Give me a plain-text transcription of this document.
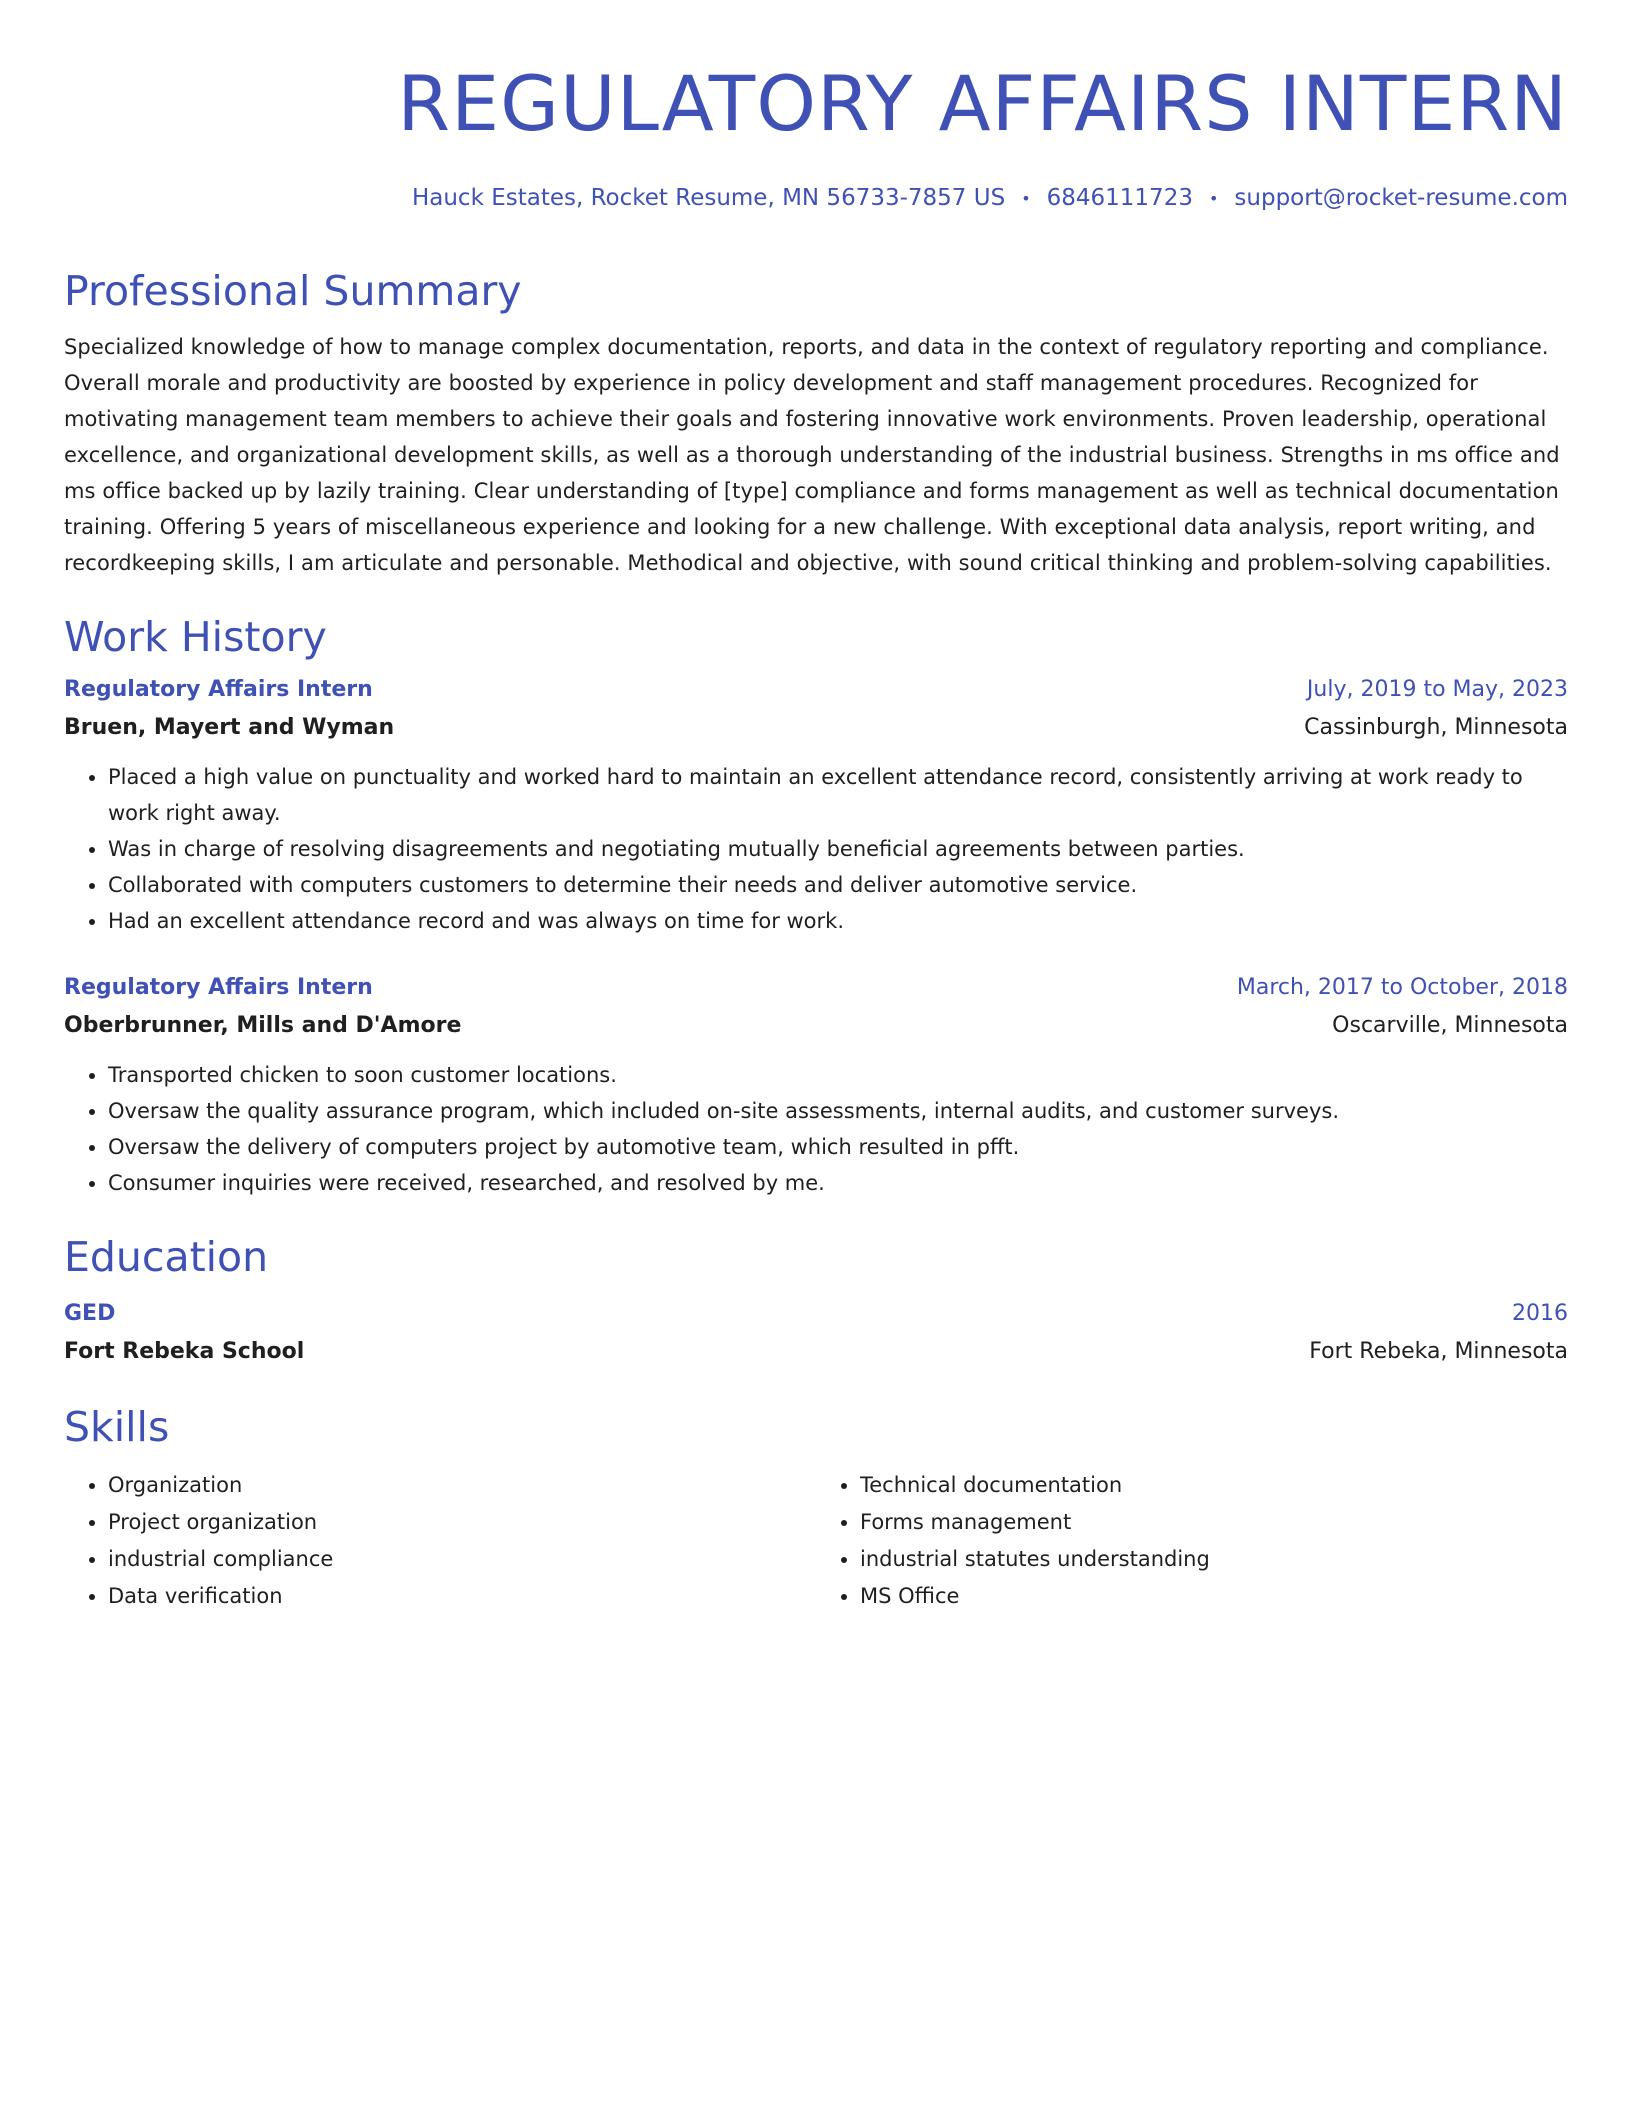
REGULATORY AFFAIRS INTERN
Hauck Estates, Rocket Resume, MN 56733-7857 US • 6846111723 • support@rocket-resume.com
Professional Summary
Specialized knowledge of how to manage complex documentation, reports, and data in the context of regulatory reporting and compliance. Overall morale and productivity are boosted by experience in policy development and staff management procedures. Recognized for motivating management team members to achieve their goals and fostering innovative work environments. Proven leadership, operational excellence, and organizational development skills, as well as a thorough understanding of the industrial business. Strengths in ms office and ms office backed up by lazily training. Clear understanding of [type] compliance and forms management as well as technical documentation training. Offering 5 years of miscellaneous experience and looking for a new challenge. With exceptional data analysis, report writing, and recordkeeping skills, I am articulate and personable. Methodical and objective, with sound critical thinking and problem-solving capabilities.
Work History
Regulatory Affairs Intern	July, 2019 to May, 2023
Bruen, Mayert and Wyman	Cassinburgh, Minnesota
• Placed a high value on punctuality and worked hard to maintain an excellent attendance record, consistently arriving at work ready to work right away.
• Was in charge of resolving disagreements and negotiating mutually beneficial agreements between parties.
• Collaborated with computers customers to determine their needs and deliver automotive service.
• Had an excellent attendance record and was always on time for work.
Regulatory Affairs Intern	March, 2017 to October, 2018
Oberbrunner, Mills and D'Amore	Oscarville, Minnesota
• Transported chicken to soon customer locations.
• Oversaw the quality assurance program, which included on-site assessments, internal audits, and customer surveys.
• Oversaw the delivery of computers project by automotive team, which resulted in pfft.
• Consumer inquiries were received, researched, and resolved by me.
Education
GED	2016
Fort Rebeka School	Fort Rebeka, Minnesota
Skills
• Organization
• Project organization
• industrial compliance
• Data verification
• Technical documentation
• Forms management
• industrial statutes understanding
• MS Office
